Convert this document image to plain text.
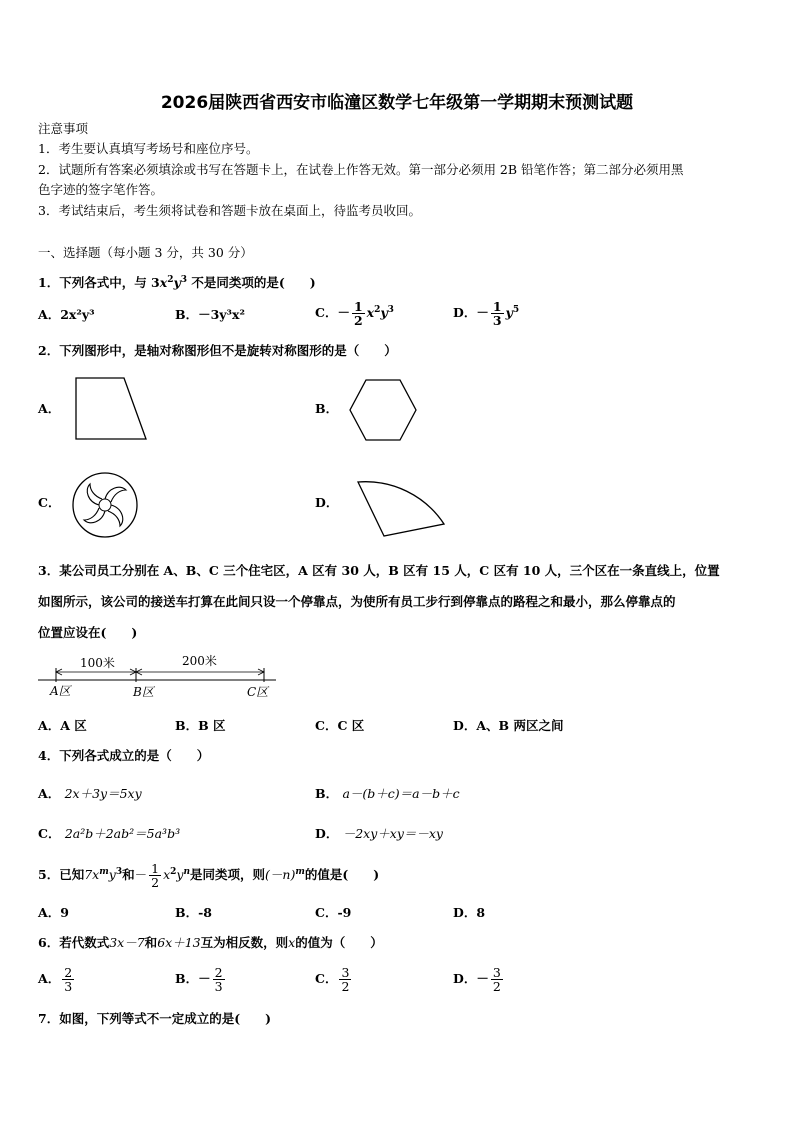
2026届陕西省西安市临潼区数学七年级第一学期期末预测试题
注意事项
1．考生要认真填写考场号和座位序号。
2．试题所有答案必须填涂或书写在答题卡上，在试卷上作答无效。第一部分必须用 2B 铅笔作答；第二部分必须用黑
色字迹的签字笔作答。
3．考试结束后，考生须将试卷和答题卡放在桌面上，待监考员收回。
一、选择题（每小题 3 分，共 30 分）
1．下列各式中，与 $3x^2y^3$ 不是同类项的是(　　)
A．2x²y³	B．－3y³x²	C．－ $\frac{1}{2} x^2y^3$	D．－ $\frac{1}{3} y^5$
2．下列图形中，是轴对称图形但不是旋转对称图形的是（　　）
A．	B．
C．	D．
3．某公司员工分别在 A、B、C 三个住宅区，A 区有 30 人，B 区有 15 人，C 区有 10 人，三个区在一条直线上，位置
如图所示，该公司的接送车打算在此间只设一个停靠点，为使所有员工步行到停靠点的路程之和最小，那么停靠点的
位置应设在(　　)
100米	200米
A区	B区	C区
A．A 区	B．B 区	C．C 区	D．A、B 两区之间
4．下列各式成立的是（　　）
A． 2x＋3y＝5xy	B． a－(b＋c)＝a－b＋c
C． 2a²b＋2ab²＝5a³b³	D． －2xy＋xy＝－xy
5．已知$7x^my^3$和－ $\frac{1}{2} x^2y^n$是同类项，则$(-n)^m$的值是(　　)
A．9	B．-8	C．-9	D．8
6．若代数式3x－7和6x＋13互为相反数，则x的值为（　　）
A． $\frac{2}{3}$	B．－ $\frac{2}{3}$	C． $\frac{3}{2}$	D．－ $\frac{3}{2}$
7．如图，下列等式不一定成立的是(　　)
